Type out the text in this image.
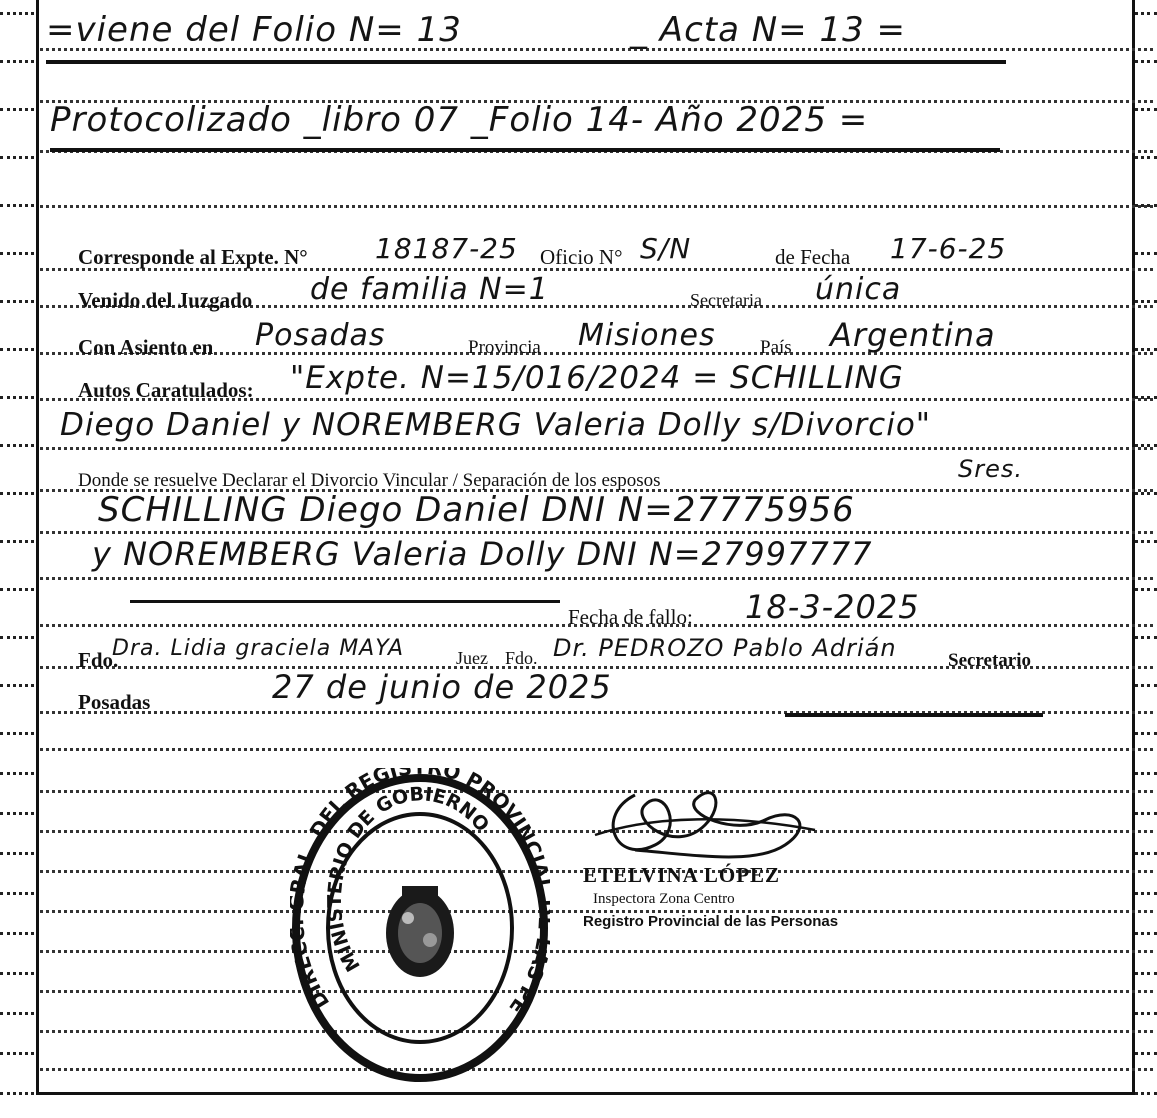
=viene del Folio N= 13	_ Acta N= 13 =
Protocolizado _libro 07 _Folio 14- Año 2025 =
Corresponde al Expte. N° 18187-25 Oficio N° S/N	de Fecha 17-6-25
Venido del Juzgado de familia N=1	Secretaria única
Con Asiento en Posadas	Provincia Misiones País Argentina
Autos Caratulados: "Expte. N=15/016/2024 = SCHILLING
Diego Daniel y NOREMBERG Valeria Dolly s/Divorcio"
Donde se resuelve Declarar el Divorcio Vincular / Separación de los esposos	Sres.
SCHILLING Diego Daniel DNI N=27775956
y NOREMBERG Valeria Dolly DNI N=27997777
Fecha de fallo: 18-3-2025
Fdo.
Dra. Lidia graciela MAYA	Juez Fdo. Dr. PEDROZO Pablo Adrián	Secretario
Posadas	27 de junio de 2025
DIRE AL. DEL REGIS O PROVINCI S PE
MINISTERIO DE GOBIERNO
ETELVINA LÓPEZ
Inspectora Zona Centro
Registro Provincial de las Personas
